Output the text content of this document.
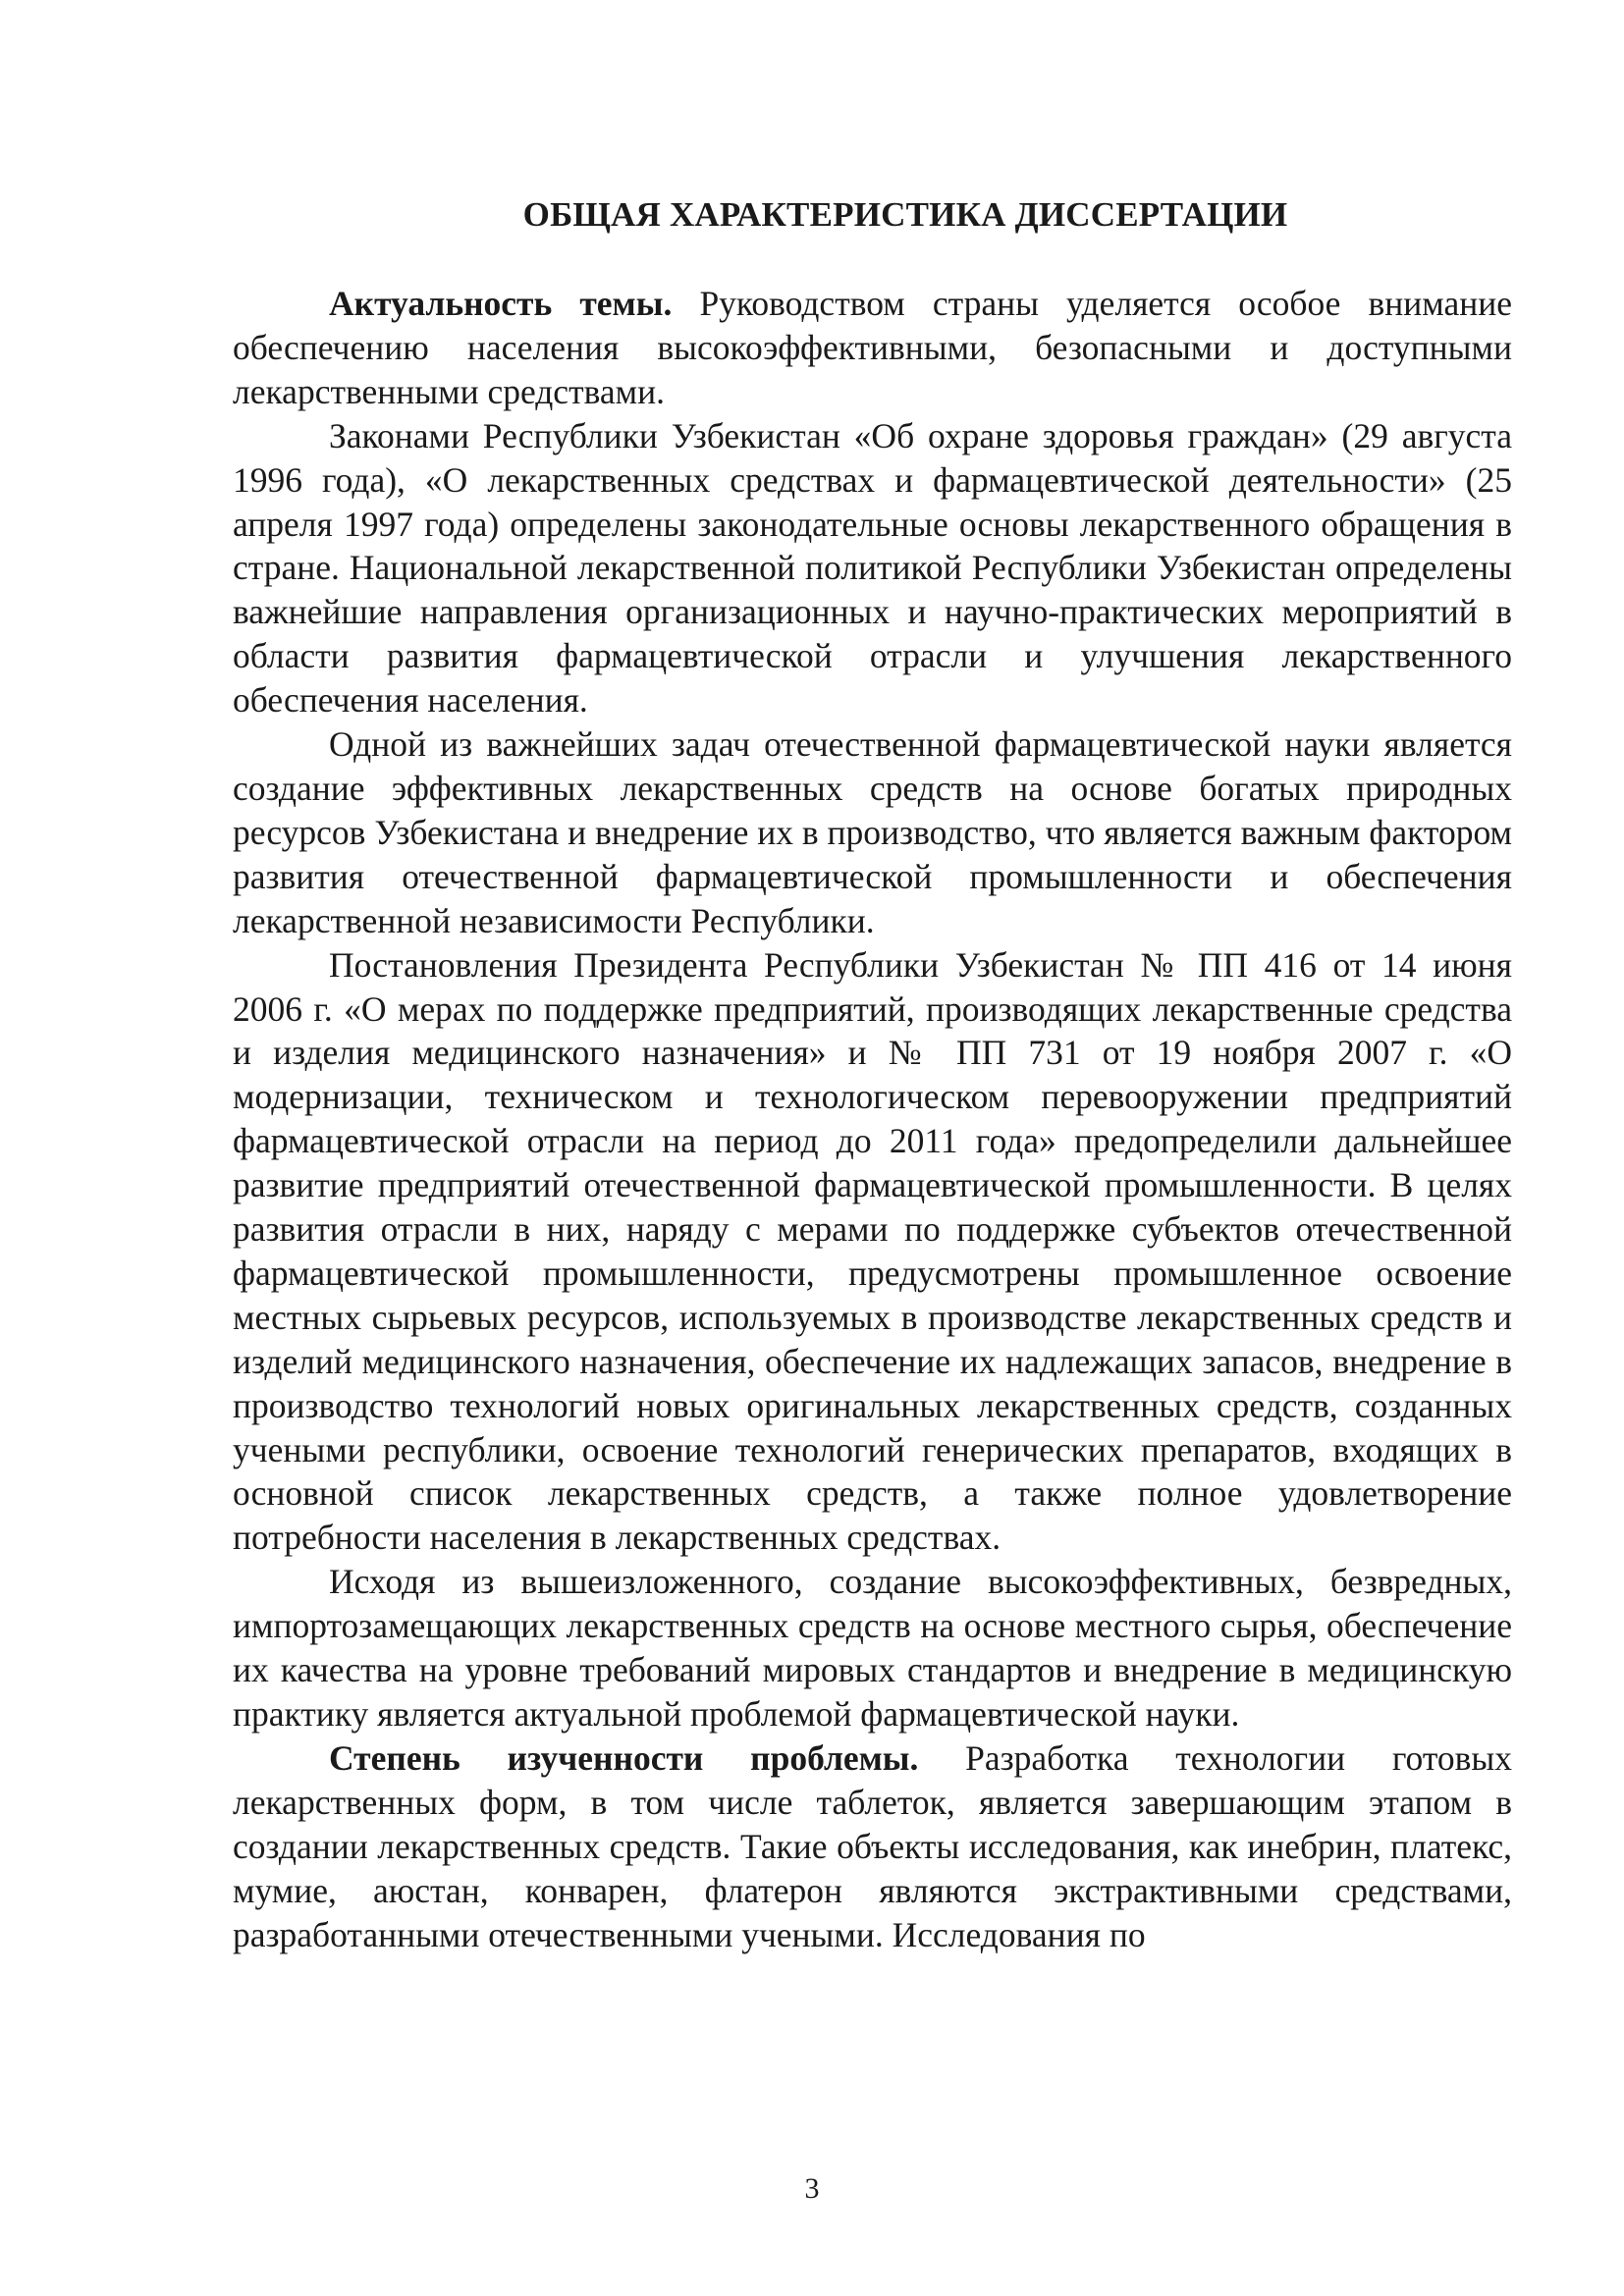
ОБЩАЯ ХАРАКТЕРИСТИКА ДИССЕРТАЦИИ

Актуальность темы. Руководством страны уделяется особое внимание обеспечению населения высокоэффективными, безопасными и доступными лекарственными средствами.

Законами Республики Узбекистан «Об охране здоровья граждан» (29 августа 1996 года), «О лекарственных средствах и фармацевтической деятельности» (25 апреля 1997 года) определены законодательные основы лекарственного обращения в стране. Национальной лекарственной политикой Республики Узбекистан определены важнейшие направления организационных и научно-практических мероприятий в области развития фармацевтической отрасли и улучшения лекарственного обеспечения населения.

Одной из важнейших задач отечественной фармацевтической науки является создание эффективных лекарственных средств на основе богатых природных ресурсов Узбекистана и внедрение их в производство, что является важным фактором развития отечественной фармацевтической промышленности и обеспечения лекарственной независимости Республики.

Постановления Президента Республики Узбекистан № ПП 416 от 14 июня 2006 г. «О мерах по поддержке предприятий, производящих лекарственные средства и изделия медицинского назначения» и № ПП 731 от 19 ноября 2007 г. «О модернизации, техническом и технологическом перевооружении предприятий фармацевтической отрасли на период до 2011 года» предопределили дальнейшее развитие предприятий отечественной фармацевтической промышленности. В целях развития отрасли в них, наряду с мерами по поддержке субъектов отечественной фармацевтической промышленности, предусмотрены промышленное освоение местных сырьевых ресурсов, используемых в производстве лекарственных средств и изделий медицинского назначения, обеспечение их надлежащих запасов, внедрение в производство технологий новых оригинальных лекарственных средств, созданных учеными республики, освоение технологий генерических препаратов, входящих в основной список лекарственных средств, а также полное удовлетворение потребности населения в лекарственных средствах.

Исходя из вышеизложенного, создание высокоэффективных, безвредных, импортозамещающих лекарственных средств на основе местного сырья, обеспечение их качества на уровне требований мировых стандартов и внедрение в медицинскую практику является актуальной проблемой фармацевтической науки.

Степень изученности проблемы. Разработка технологии готовых лекарственных форм, в том числе таблеток, является завершающим этапом в создании лекарственных средств. Такие объекты исследования, как инебрин, платекс, мумие, аюстан, конварен, флатерон являются экстрактивными средствами, разработанными отечественными учеными. Исследования по

3
